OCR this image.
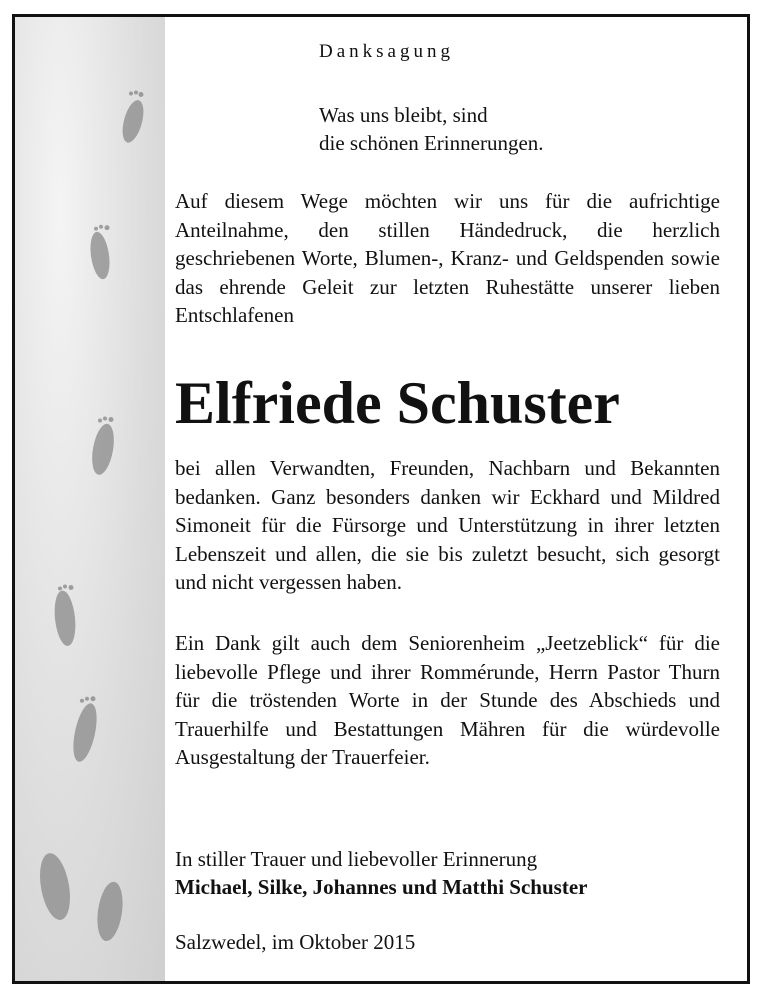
Danksagung
Was uns bleibt, sind
die schönen Erinnerungen.
Auf diesem Wege möchten wir uns für die aufrichtige Anteilnahme, den stillen Händedruck, die herzlich geschriebenen Worte, Blumen-, Kranz- und Geldspenden sowie das ehrende Geleit zur letzten Ruhestätte unserer lieben Entschlafenen
Elfriede Schuster
bei allen Verwandten, Freunden, Nachbarn und Bekannten bedanken. Ganz besonders danken wir Eckhard und Mildred Simoneit für die Fürsorge und Unterstützung in ihrer letzten Lebenszeit und allen, die sie bis zuletzt besucht, sich gesorgt und nicht vergessen haben.
Ein Dank gilt auch dem Seniorenheim „Jeetzeblick“ für die liebevolle Pflege und ihrer Rommérunde, Herrn Pastor Thurn für die tröstenden Worte in der Stunde des Abschieds und Trauerhilfe und Bestattungen Mähren für die würdevolle Ausgestaltung der Trauerfeier.
In stiller Trauer und liebevoller Erinnerung
Michael, Silke, Johannes und Matthi Schuster
Salzwedel, im Oktober 2015
